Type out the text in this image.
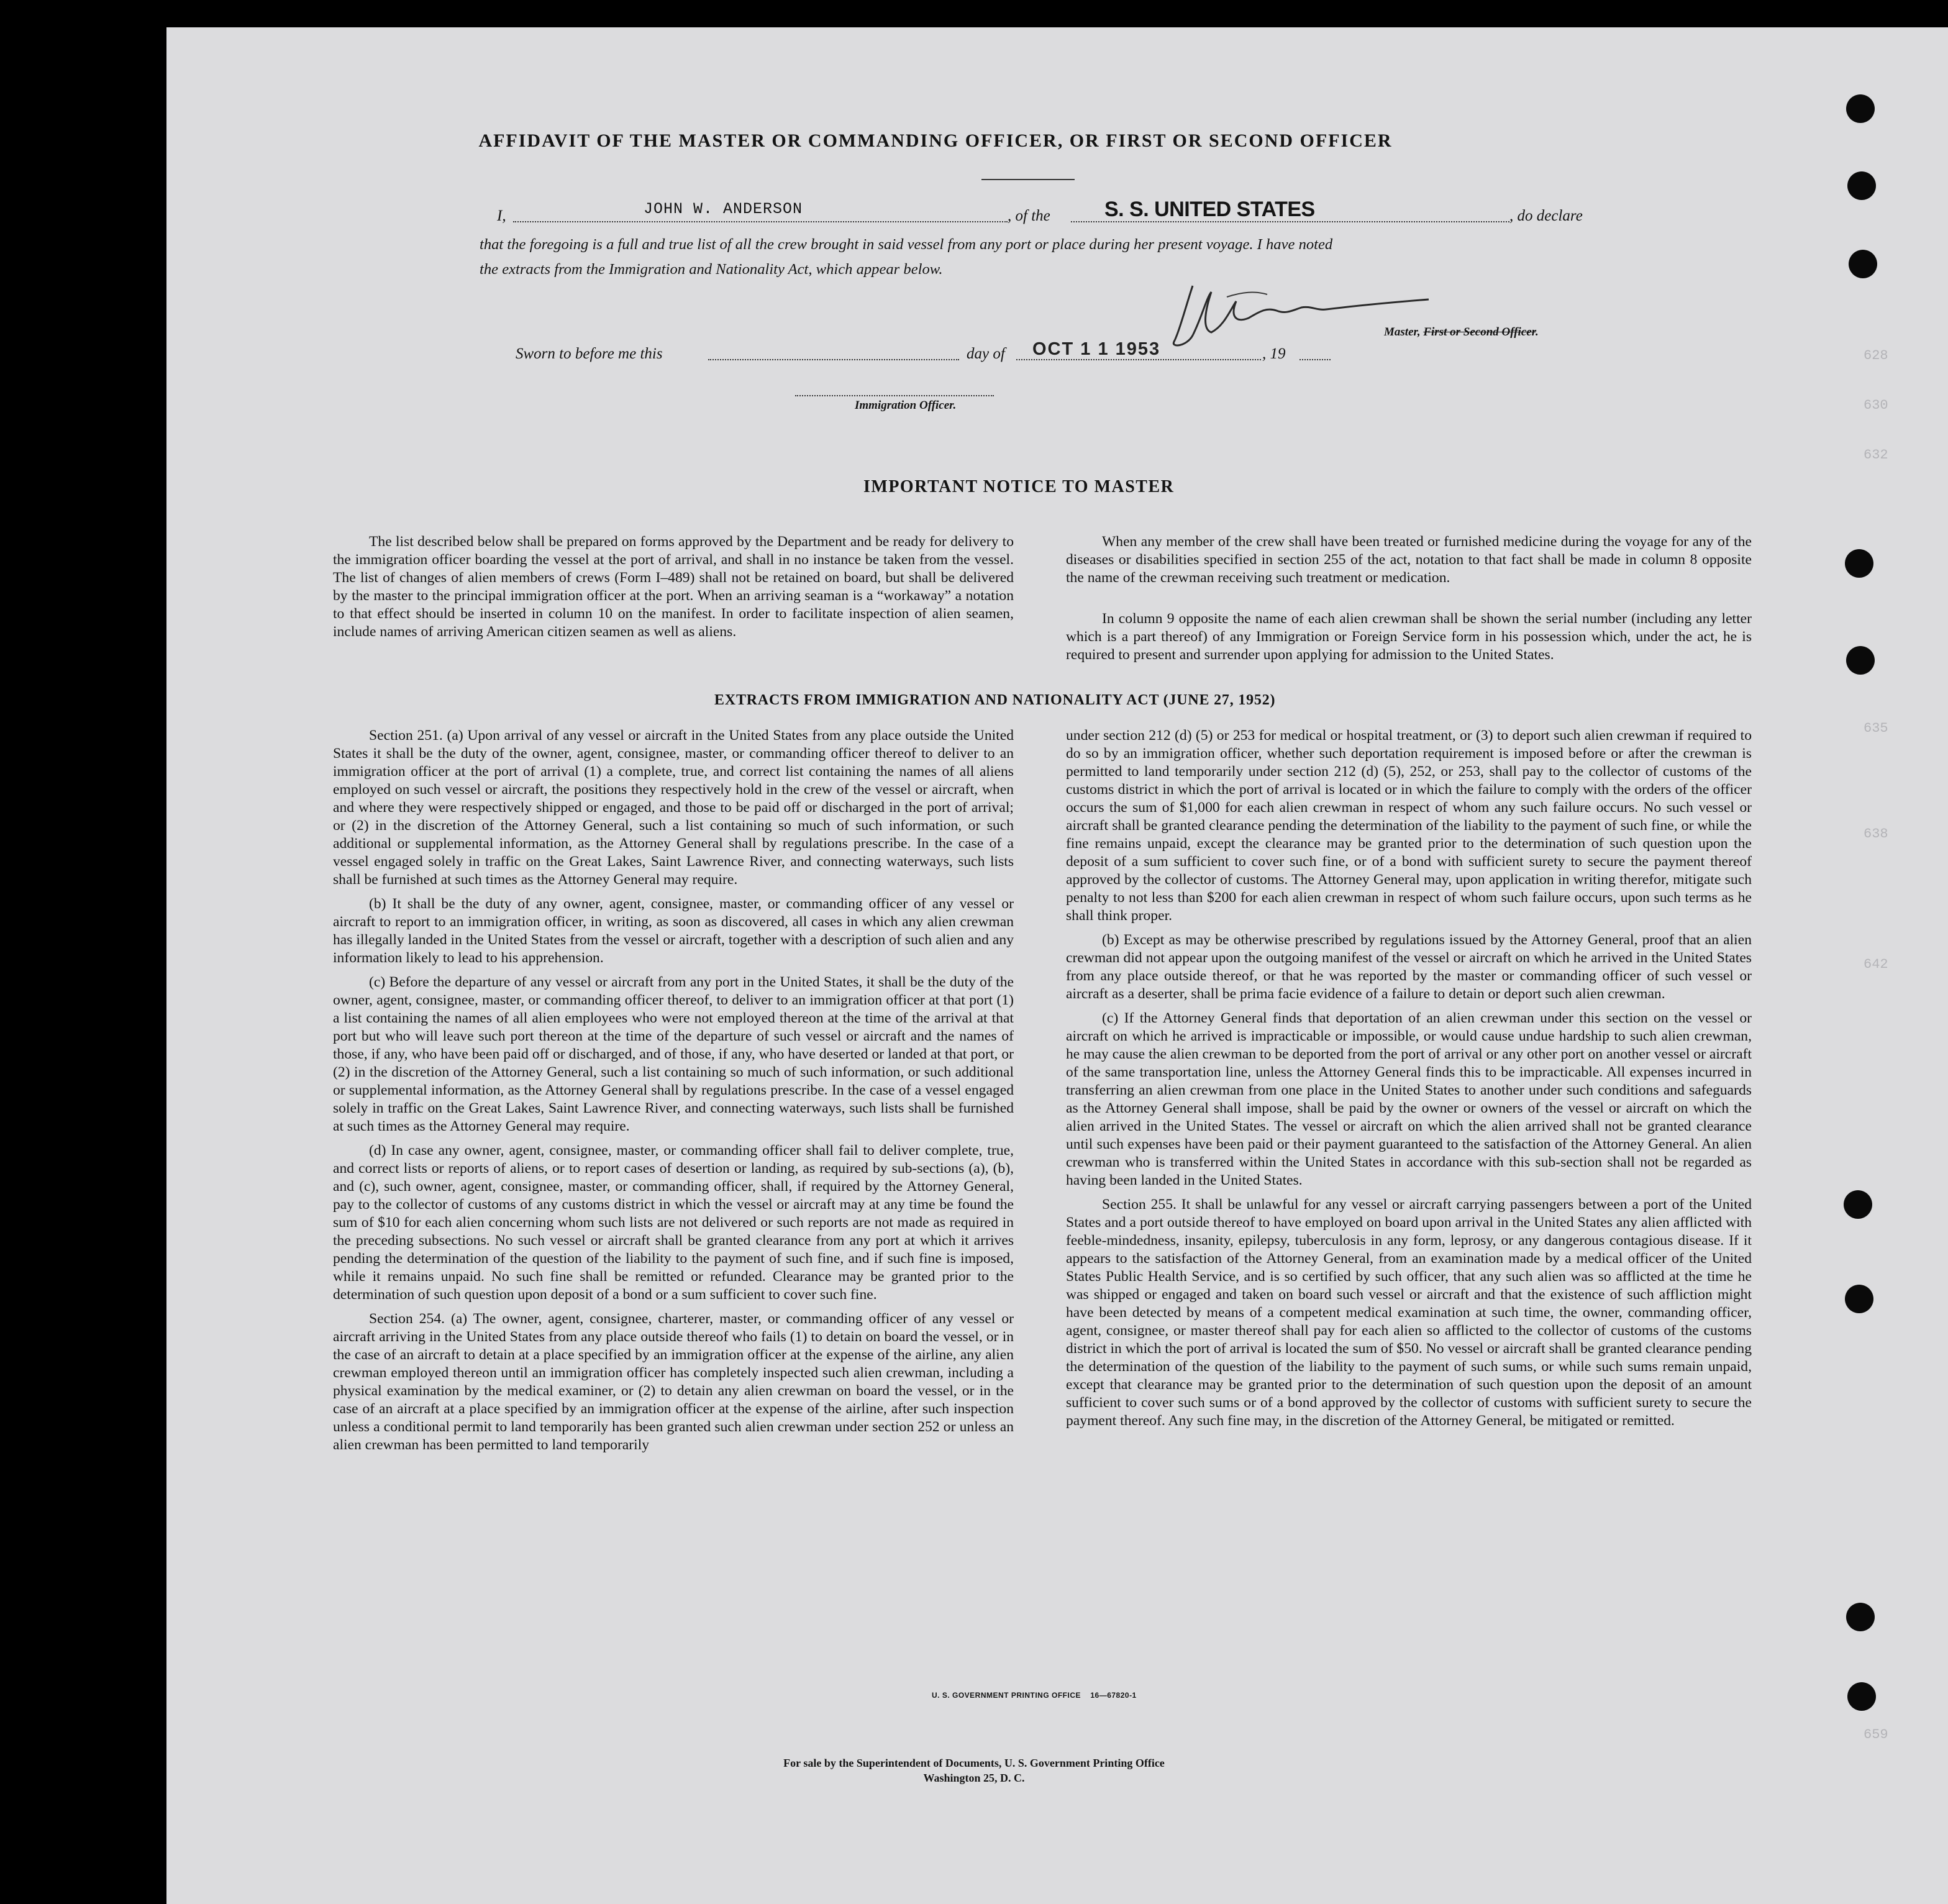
628
630
632
635
638
642
659
AFFIDAVIT OF THE MASTER OR COMMANDING OFFICER, OR FIRST OR SECOND OFFICER
I,	JOHN W. ANDERSON	, of the	S. S. UNITED STATES	, do declare
that the foregoing is a full and true list of all the crew brought in said vessel from any port or place during her present voyage. I have noted
the extracts from the Immigration and Nationality Act, which appear below.
Master, First or Second Officer.
Sworn to before me this	day of OCT 1 1 1953	, 19
Immigration Officer.
IMPORTANT NOTICE TO MASTER

The list described below shall be prepared on forms approved by the Department and be ready for delivery to the immigration officer boarding the vessel at the port of arrival, and shall in no instance be taken from the vessel. The list of changes of alien members of crews (Form I–489) shall not be retained on board, but shall be delivered by the master to the principal immigration officer at the port. When an arriving seaman is a “workaway” a notation to that effect should be inserted in column 10 on the manifest. In order to facilitate inspection of alien seamen, include names of arriving American citizen seamen as well as aliens.

When any member of the crew shall have been treated or furnished medicine during the voyage for any of the diseases or disabilities specified in section 255 of the act, notation to that fact shall be made in column 8 opposite the name of the crewman receiving such treatment or medication.

In column 9 opposite the name of each alien crewman shall be shown the serial number (including any letter which is a part thereof) of any Immigration or Foreign Service form in his possession which, under the act, he is required to present and surrender upon applying for admission to the United States.

EXTRACTS FROM IMMIGRATION AND NATIONALITY ACT (JUNE 27, 1952)

Section 251. (a) Upon arrival of any vessel or aircraft in the United States from any place outside the United States it shall be the duty of the owner, agent, consignee, master, or commanding officer thereof to deliver to an immigration officer at the port of arrival (1) a complete, true, and correct list containing the names of all aliens employed on such vessel or aircraft, the positions they respectively hold in the crew of the vessel or aircraft, when and where they were respectively shipped or engaged, and those to be paid off or discharged in the port of arrival; or (2) in the discretion of the Attorney General, such a list containing so much of such information, or such additional or supplemental information, as the Attorney General shall by regulations prescribe. In the case of a vessel engaged solely in traffic on the Great Lakes, Saint Lawrence River, and connecting waterways, such lists shall be furnished at such times as the Attorney General may require.

(b) It shall be the duty of any owner, agent, consignee, master, or commanding officer of any vessel or aircraft to report to an immigration officer, in writing, as soon as discovered, all cases in which any alien crewman has illegally landed in the United States from the vessel or aircraft, together with a description of such alien and any information likely to lead to his apprehension.

(c) Before the departure of any vessel or aircraft from any port in the United States, it shall be the duty of the owner, agent, consignee, master, or commanding officer thereof, to deliver to an immigration officer at that port (1) a list containing the names of all alien employees who were not employed thereon at the time of the arrival at that port but who will leave such port thereon at the time of the departure of such vessel or aircraft and the names of those, if any, who have been paid off or discharged, and of those, if any, who have deserted or landed at that port, or (2) in the discretion of the Attorney General, such a list containing so much of such information, or such additional or supplemental information, as the Attorney General shall by regulations prescribe. In the case of a vessel engaged solely in traffic on the Great Lakes, Saint Lawrence River, and connecting waterways, such lists shall be furnished at such times as the Attorney General may require.

(d) In case any owner, agent, consignee, master, or commanding officer shall fail to deliver complete, true, and correct lists or reports of aliens, or to report cases of desertion or landing, as required by sub-sections (a), (b), and (c), such owner, agent, consignee, master, or commanding officer, shall, if required by the Attorney General, pay to the collector of customs of any customs district in which the vessel or aircraft may at any time be found the sum of $10 for each alien concerning whom such lists are not delivered or such reports are not made as required in the preceding subsections. No such vessel or aircraft shall be granted clearance from any port at which it arrives pending the determination of the question of the liability to the payment of such fine, and if such fine is imposed, while it remains unpaid. No such fine shall be remitted or refunded. Clearance may be granted prior to the determination of such question upon deposit of a bond or a sum sufficient to cover such fine.

Section 254. (a) The owner, agent, consignee, charterer, master, or commanding officer of any vessel or aircraft arriving in the United States from any place outside thereof who fails (1) to detain on board the vessel, or in the case of an aircraft to detain at a place specified by an immigration officer at the expense of the airline, any alien crewman employed thereon until an immigration officer has completely inspected such alien crewman, including a physical examination by the medical examiner, or (2) to detain any alien crewman on board the vessel, or in the case of an aircraft at a place specified by an immigration officer at the expense of the airline, after such inspection unless a conditional permit to land temporarily has been granted such alien crewman under section 252 or unless an alien crewman has been permitted to land temporarily

under section 212 (d) (5) or 253 for medical or hospital treatment, or (3) to deport such alien crewman if required to do so by an immigration officer, whether such deportation requirement is imposed before or after the crewman is permitted to land temporarily under section 212 (d) (5), 252, or 253, shall pay to the collector of customs of the customs district in which the port of arrival is located or in which the failure to comply with the orders of the officer occurs the sum of $1,000 for each alien crewman in respect of whom any such failure occurs. No such vessel or aircraft shall be granted clearance pending the determination of the liability to the payment of such fine, or while the fine remains unpaid, except the clearance may be granted prior to the determination of such question upon the deposit of a sum sufficient to cover such fine, or of a bond with sufficient surety to secure the payment thereof approved by the collector of customs. The Attorney General may, upon application in writing therefor, mitigate such penalty to not less than $200 for each alien crewman in respect of whom such failure occurs, upon such terms as he shall think proper.

(b) Except as may be otherwise prescribed by regulations issued by the Attorney General, proof that an alien crewman did not appear upon the outgoing manifest of the vessel or aircraft on which he arrived in the United States from any place outside thereof, or that he was reported by the master or commanding officer of such vessel or aircraft as a deserter, shall be prima facie evidence of a failure to detain or deport such alien crewman.

(c) If the Attorney General finds that deportation of an alien crewman under this section on the vessel or aircraft on which he arrived is impracticable or impossible, or would cause undue hardship to such alien crewman, he may cause the alien crewman to be deported from the port of arrival or any other port on another vessel or aircraft of the same transportation line, unless the Attorney General finds this to be impracticable. All expenses incurred in transferring an alien crewman from one place in the United States to another under such conditions and safeguards as the Attorney General shall impose, shall be paid by the owner or owners of the vessel or aircraft on which the alien arrived in the United States. The vessel or aircraft on which the alien arrived shall not be granted clearance until such expenses have been paid or their payment guaranteed to the satisfaction of the Attorney General. An alien crewman who is transferred within the United States in accordance with this sub-section shall not be regarded as having been landed in the United States.

Section 255. It shall be unlawful for any vessel or aircraft carrying passengers between a port of the United States and a port outside thereof to have employed on board upon arrival in the United States any alien afflicted with feeble-mindedness, insanity, epilepsy, tuberculosis in any form, leprosy, or any dangerous contagious disease. If it appears to the satisfaction of the Attorney General, from an examination made by a medical officer of the United States Public Health Service, and is so certified by such officer, that any such alien was so afflicted at the time he was shipped or engaged and taken on board such vessel or aircraft and that the existence of such affliction might have been detected by means of a competent medical examination at such time, the owner, commanding officer, agent, consignee, or master thereof shall pay for each alien so afflicted to the collector of customs of the customs district in which the port of arrival is located the sum of $50. No vessel or aircraft shall be granted clearance pending the determination of the question of the liability to the payment of such sums, or while such sums remain unpaid, except that clearance may be granted prior to the determination of such question upon the deposit of an amount sufficient to cover such sums or of a bond approved by the collector of customs with sufficient surety to secure the payment thereof. Any such fine may, in the discretion of the Attorney General, be mitigated or remitted.

U. S. GOVERNMENT PRINTING OFFICE    16—67820-1
For sale by the Superintendent of Documents, U. S. Government Printing Office
Washington 25, D. C.
